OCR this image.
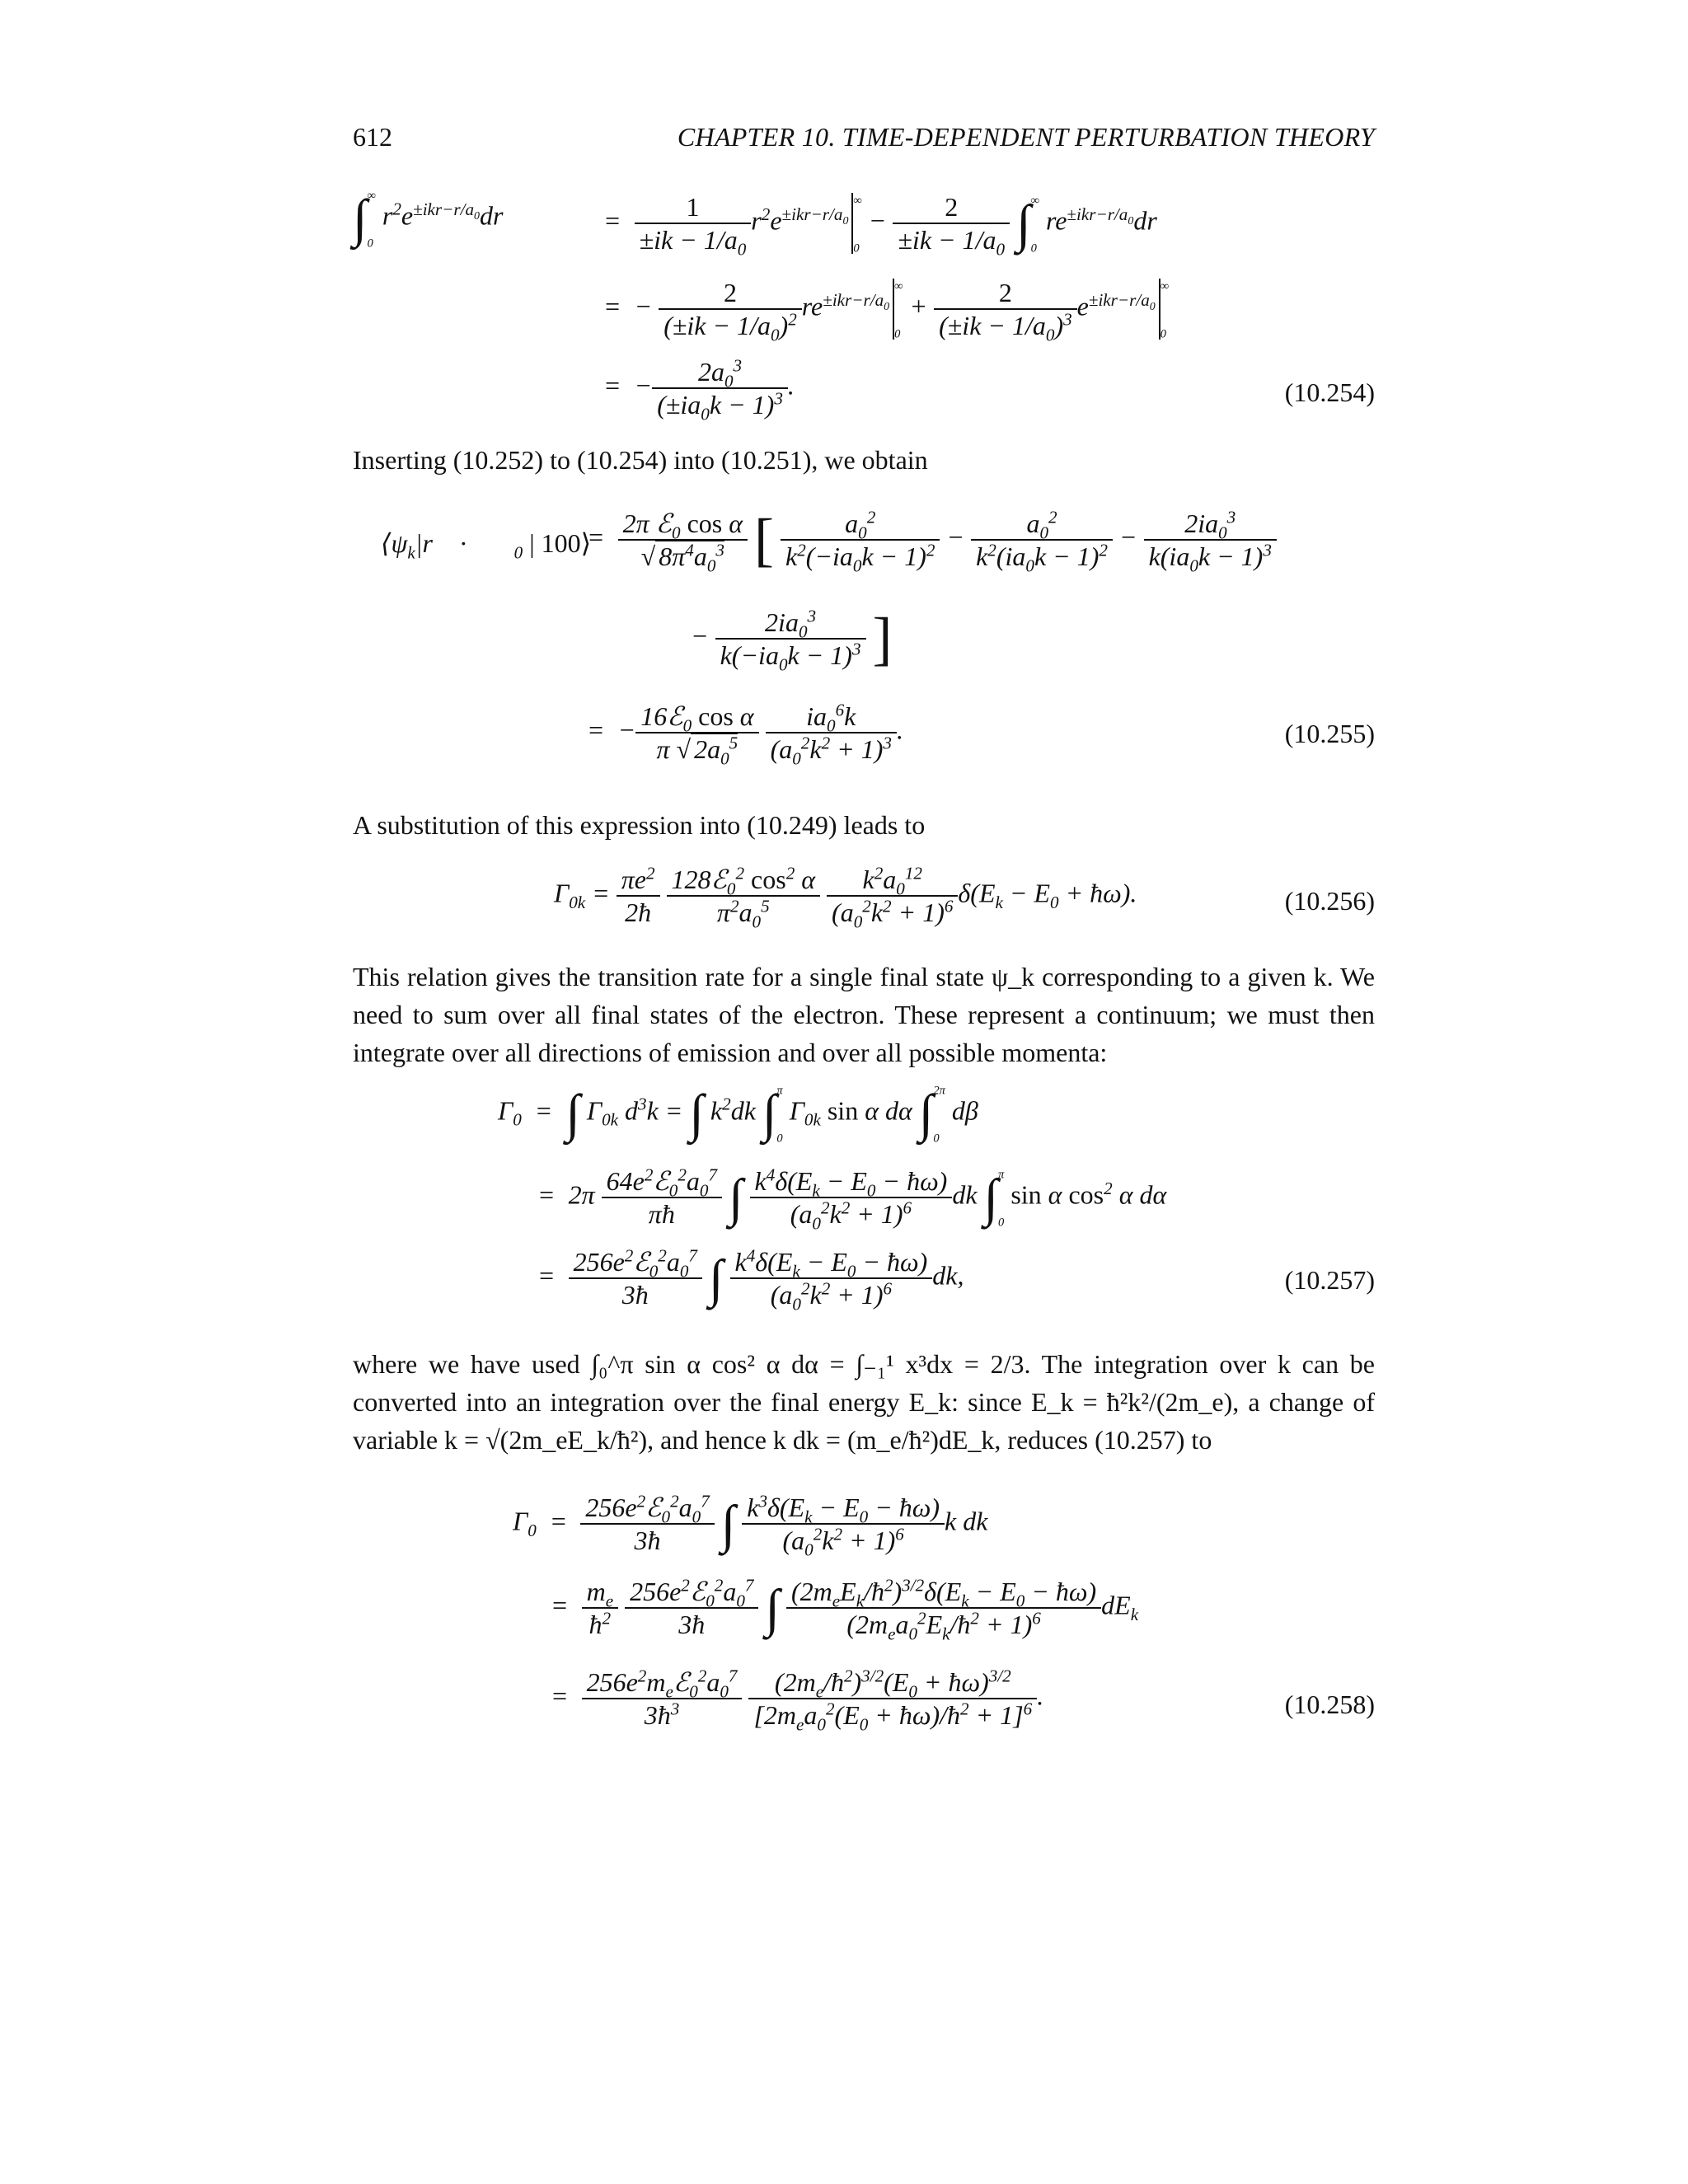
612	CHAPTER 10. TIME-DEPENDENT PERTURBATION THEORY
∫∞

$_0$ $r^2e^{\pm ikr-r/a_0}dr$	= $\frac{1}{\pm ik - 1/a_0} r^2e^{\pm ikr-r/a_0\infty}$

$_0 - \frac{2}{\pm ik - 1/a_0} \int^\infty$

$_0$ $re^{\pm ikr-r/a_0}dr$
=  − $\frac{2}{(\pm ik - 1/a_0)^2} re^{\pm ikr-r/a_0\infty}$

$_0 + \frac{2}{(\pm ik - 1/a_0)^3} e^{\pm ikr-r/a_0\infty}$

$_0$
=  − $\frac{2a_0^3}{(\pm ia_0k - 1)^3}$ .	(10.254)
Inserting (10.252) to (10.254) into (10.251), we obtain
$⟨\psi_k|r⃗$ · $ℰ⃗_0$ | 100⟩
= $\frac{2\pi ℰ_0 \cos \alpha}{√ 8\pi^4a_0^3}$ [ $\frac{a_0^2}{k^2(-ia_0k - 1)^2} - \frac{a_0^2}{k^2(ia_0k - 1)^2} - \frac{2ia_0^3}{k(ia_0k - 1)^3}$
− $\frac{2ia_0^3}{k(-ia_0k - 1)^3}$ ]
=  − $\frac{16ℰ_0 \cos \alpha}{\pi √ 2a_0^5}$
$\frac{ia_0^6k}{(a_0^2k^2 + 1)^3}$ .	(10.255)
A substitution of this expression into (10.249) leads to
$\Gamma_{0k} = \frac{\pi e^2}{2ħ}$
$\frac{128ℰ_0^2 \cos^2 \alpha}{\pi^2a_0^5}$
$\frac{k^2a_0^{12}}{(a_0^2k^2 + 1)^6} \delta(E_k - E_0$ + ħω).	(10.256)
This relation gives the transition rate for a single final state ψ_k corresponding to a given k. We need to sum over all final states of the electron. These represent a continuum; we must then integrate over all directions of emission and over all possible momenta:
$\Gamma_0$  =  ∫ $\Gamma_{0k}$ $d^3k$ = ∫ $k^2dk$ ∫$^\pi$

$_0$ $\Gamma_{0k}$ sin α dα ∫$^{2\pi}$

$_0$ dβ
=  $2\pi \frac{64e^2ℰ_0^2a_0^7}{\pi ħ}$ ∫ $\frac{k^4\delta(E_k - E_0 - ħ\omega)}{(a_0^2k^2 + 1)^6}$ dk ∫$^\pi$

$_0$ sin α $\cos^2 \alpha$ dα
= $\frac{256e^2ℰ_0^2a_0^7}{3ħ}$ ∫ $\frac{k^4\delta(E_k - E_0 - ħ\omega)}{(a_0^2k^2 + 1)^6}$ dk,	(10.257)
where we have used ∫₀^π sin α cos² α dα = ∫₋₁¹ x³dx = 2/3. The integration over k can be converted into an integration over the final energy E_k: since E_k = ħ²k²/(2m_e), a change of variable k = √(2m_eE_k/ħ²), and hence k dk = (m_e/ħ²)dE_k, reduces (10.257) to
$\Gamma_0 = \frac{256e^2ℰ_0^2a_0^7}{3ħ}$ ∫ $\frac{k^3\delta(E_k - E_0 - ħ\omega)}{(a_0^2k^2 + 1)^6}$ k dk
= $\frac{m_e}{ħ^2}$
$\frac{256e^2ℰ_0^2a_0^7}{3ħ}$ ∫ $\frac{(2m_eE_k/ħ^2)^{3/2}\delta(E_k - E_0 - ħ\omega)}{(2m_ea_0^2E_k/ħ^2 + 1)^6} dE_k$
= $\frac{256e^2m_eℰ_0^2a_0^7}{3ħ^3}$
$\frac{(2m_e/ħ^2)^{3/2}(E_0 + ħ\omega)^{3/2}}{[2m_ea_0^2(E_0 + ħ\omega)/ħ^2 + 1]^6}$ .	(10.258)
